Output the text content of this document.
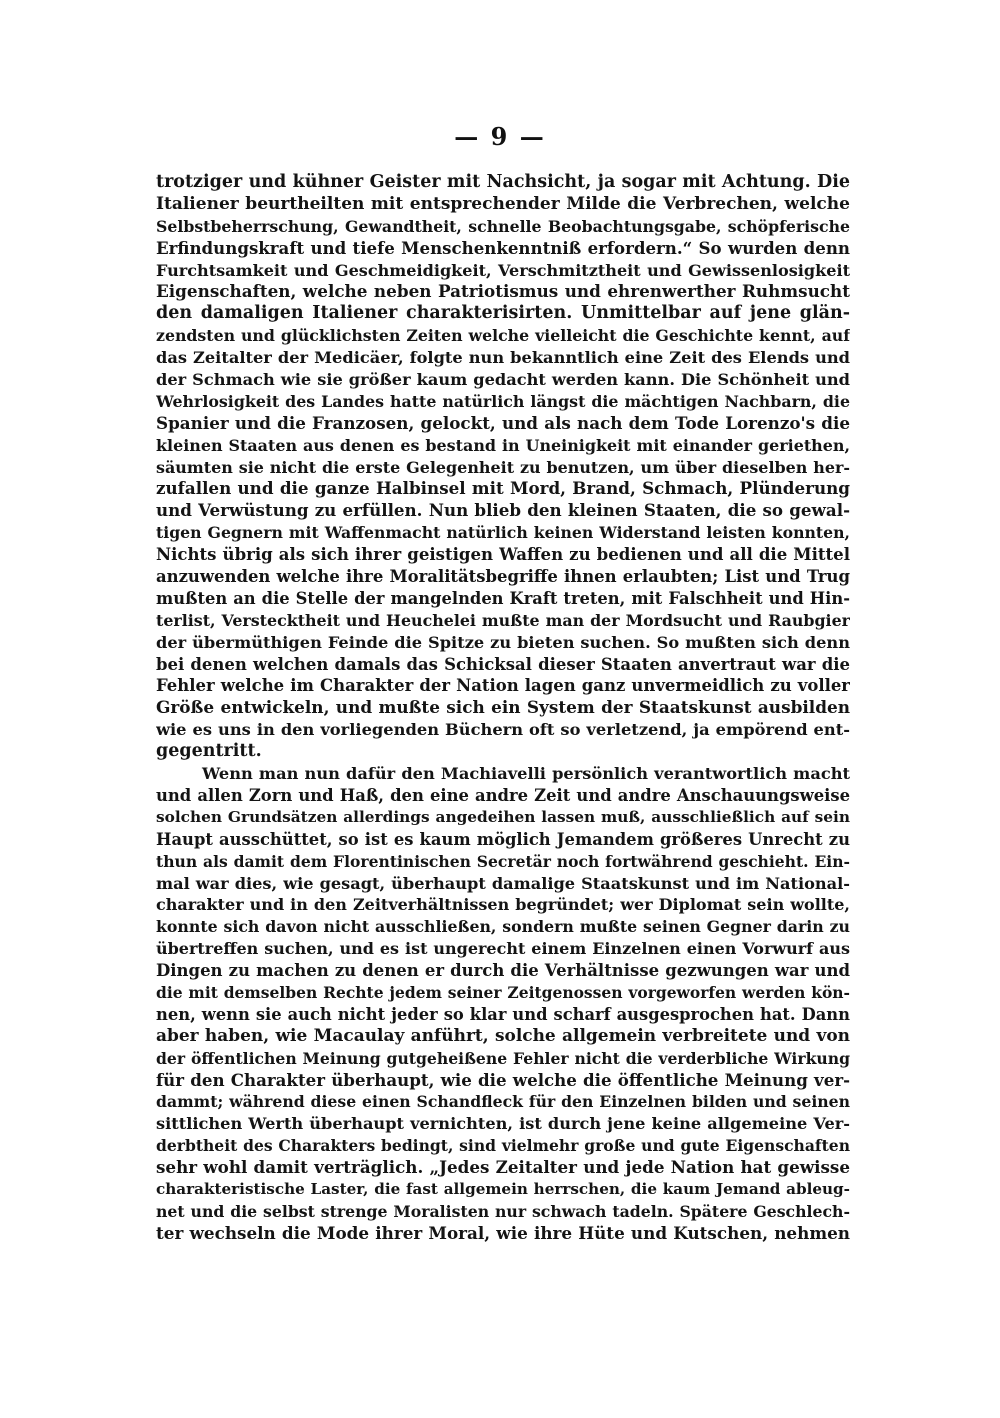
— 9 —
trotziger und kühner Geister mit Nachsicht, ja sogar mit Achtung. Die
Italiener beurtheilten mit entsprechender Milde die Verbrechen, welche
Selbstbeherrschung, Gewandtheit, schnelle Beobachtungsgabe, schöpferische
Erfindungskraft und tiefe Menschenkenntniß erfordern.“ So wurden denn
Furchtsamkeit und Geschmeidigkeit, Verschmitztheit und Gewissenlosigkeit
Eigenschaften, welche neben Patriotismus und ehrenwerther Ruhmsucht
den damaligen Italiener charakterisirten. Unmittelbar auf jene glän-
zendsten und glücklichsten Zeiten welche vielleicht die Geschichte kennt, auf
das Zeitalter der Medicäer, folgte nun bekanntlich eine Zeit des Elends und
der Schmach wie sie größer kaum gedacht werden kann. Die Schönheit und
Wehrlosigkeit des Landes hatte natürlich längst die mächtigen Nachbarn, die
Spanier und die Franzosen, gelockt, und als nach dem Tode Lorenzo's die
kleinen Staaten aus denen es bestand in Uneinigkeit mit einander geriethen,
säumten sie nicht die erste Gelegenheit zu benutzen, um über dieselben her-
zufallen und die ganze Halbinsel mit Mord, Brand, Schmach, Plünderung
und Verwüstung zu erfüllen. Nun blieb den kleinen Staaten, die so gewal-
tigen Gegnern mit Waffenmacht natürlich keinen Widerstand leisten konnten,
Nichts übrig als sich ihrer geistigen Waffen zu bedienen und all die Mittel
anzuwenden welche ihre Moralitätsbegriffe ihnen erlaubten; List und Trug
mußten an die Stelle der mangelnden Kraft treten, mit Falschheit und Hin-
terlist, Verstecktheit und Heuchelei mußte man der Mordsucht und Raubgier
der übermüthigen Feinde die Spitze zu bieten suchen. So mußten sich denn
bei denen welchen damals das Schicksal dieser Staaten anvertraut war die
Fehler welche im Charakter der Nation lagen ganz unvermeidlich zu voller
Größe entwickeln, und mußte sich ein System der Staatskunst ausbilden
wie es uns in den vorliegenden Büchern oft so verletzend, ja empörend ent-
gegentritt.
Wenn man nun dafür den Machiavelli persönlich verantwortlich macht
und allen Zorn und Haß, den eine andre Zeit und andre Anschauungsweise
solchen Grundsätzen allerdings angedeihen lassen muß, ausschließlich auf sein
Haupt ausschüttet, so ist es kaum möglich Jemandem größeres Unrecht zu
thun als damit dem Florentinischen Secretär noch fortwährend geschieht. Ein-
mal war dies, wie gesagt, überhaupt damalige Staatskunst und im National-
charakter und in den Zeitverhältnissen begründet; wer Diplomat sein wollte,
konnte sich davon nicht ausschließen, sondern mußte seinen Gegner darin zu
übertreffen suchen, und es ist ungerecht einem Einzelnen einen Vorwurf aus
Dingen zu machen zu denen er durch die Verhältnisse gezwungen war und
die mit demselben Rechte jedem seiner Zeitgenossen vorgeworfen werden kön-
nen, wenn sie auch nicht jeder so klar und scharf ausgesprochen hat. Dann
aber haben, wie Macaulay anführt, solche allgemein verbreitete und von
der öffentlichen Meinung gutgeheißene Fehler nicht die verderbliche Wirkung
für den Charakter überhaupt, wie die welche die öffentliche Meinung ver-
dammt; während diese einen Schandfleck für den Einzelnen bilden und seinen
sittlichen Werth überhaupt vernichten, ist durch jene keine allgemeine Ver-
derbtheit des Charakters bedingt, sind vielmehr große und gute Eigenschaften
sehr wohl damit verträglich. „Jedes Zeitalter und jede Nation hat gewisse
charakteristische Laster, die fast allgemein herrschen, die kaum Jemand ableug-
net und die selbst strenge Moralisten nur schwach tadeln. Spätere Geschlech-
ter wechseln die Mode ihrer Moral, wie ihre Hüte und Kutschen, nehmen
